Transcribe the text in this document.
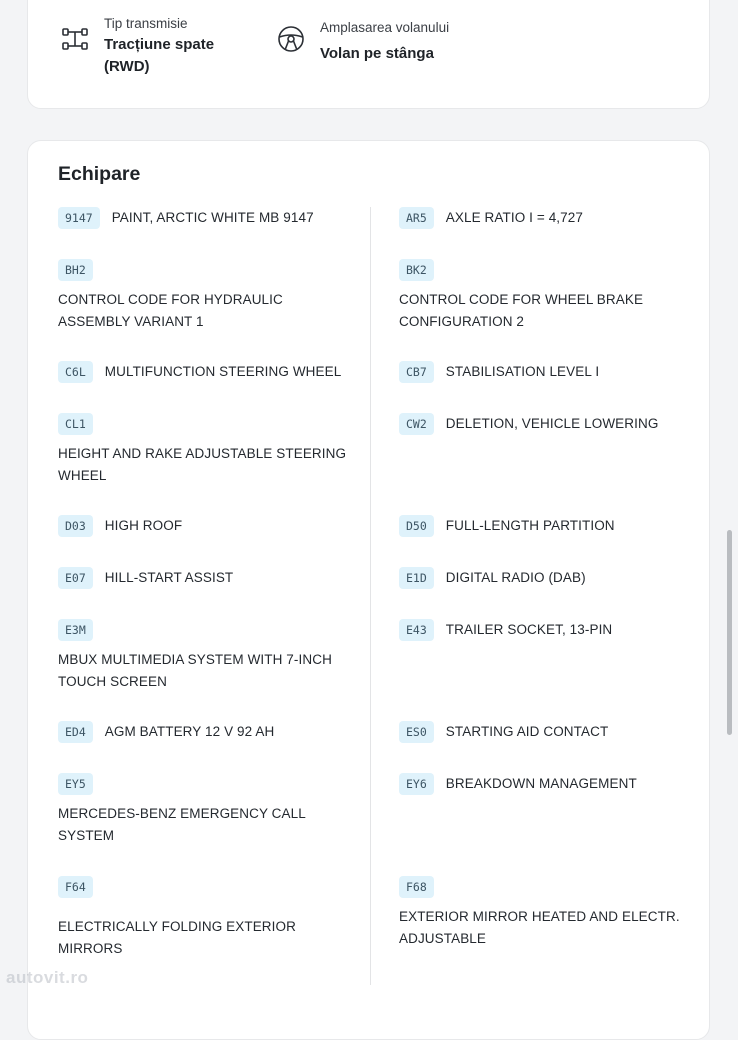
Tip transmisie
Tracțiune spate (RWD)
Amplasarea volanului
Volan pe stânga
Echipare
9147 PAINT, ARCTIC WHITE MB 9147
BH2
CONTROL CODE FOR HYDRAULIC ASSEMBLY VARIANT 1
C6L MULTIFUNCTION STEERING WHEEL
CL1
HEIGHT AND RAKE ADJUSTABLE STEERING WHEEL
D03 HIGH ROOF
E07 HILL-START ASSIST
E3M
MBUX MULTIMEDIA SYSTEM WITH 7-INCH TOUCH SCREEN
ED4 AGM BATTERY 12 V 92 AH
EY5
MERCEDES-BENZ EMERGENCY CALL SYSTEM
F64
ELECTRICALLY FOLDING EXTERIOR MIRRORS
AR5 AXLE RATIO I = 4,727
BK2
CONTROL CODE FOR WHEEL BRAKE CONFIGURATION 2
CB7 STABILISATION LEVEL I
CW2 DELETION, VEHICLE LOWERING
D50 FULL-LENGTH PARTITION
E1D DIGITAL RADIO (DAB)
E43 TRAILER SOCKET, 13-PIN
ES0 STARTING AID CONTACT
EY6 BREAKDOWN MANAGEMENT
F68
EXTERIOR MIRROR HEATED AND ELECTR. ADJUSTABLE
autovit.ro
